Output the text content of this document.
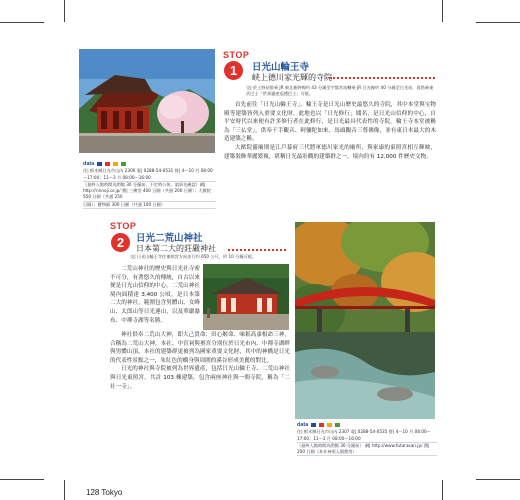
STOP
1	日光山輪王寺
峡上德川家光輝的寺院
交| 於上野站搭乘 JR 東北新幹線約 43 分鐘至宇都宮站轉乘 JR 日光線約 40 分鐘至日光站，再搭乘東武巴士「世界遺產巡禮巴士」可抵。

首先前往「日光山輪王寺」，輪王寺是日光山歷史最悠久的寺院，其中本堂與宝物殿等建築皆列入重要文化財。此地也以「日光修行」聞名，是日光山信仰的中心，自平安時代以來便有許多修行者在此修行，是日光最具代表性的寺院。輪王寺本堂被稱為「三仏堂」，供奉千手觀音、阿彌陀如來、馬頭觀音三尊佛像，並有東日本最大的木造建築之稱。

大猷院靈廟則是江戶幕府三代將軍德川家光的廟所，與家康的東照宮相互輝映，建築裝飾華麗繁複，堪稱日光最壯觀的建築群之一，境內約有 12,000 件歷史文物。

data
住| 栃木縣日光市山內 2300 電| 0288-54-0531 營| 4～10 月 08:00～17:00；11～3 月 08:00～16:00
（最終入館時間為閉館 30 分鐘前，不定時公休，請事先確認）網| http://rinnoji.or.jp/ 費| 三佛堂 400 日圓（共通 200 日圓）；大猷院 550 日圓（共通 250
日圓）；寶物殿 300 日圓（共通 100 日圓）
STOP
2	日光二荒山神社
日本第二大的莊嚴神社
交| 日光山輪王寺往東照宮方向步行約 650 公尺，約 10 分鐘可抵。

二荒山神社的歷史與日光社寺密不可分，有著悠久的傳統，自古以來便是日光山信仰的中心。二荒山神社境內面積達 3,400 公頃，是日本第二大的神社，範圍包含男體山、女峰山、太郎山等日光連山，以及華嚴瀑布、中禪寺湖等名勝。

神社供奉二荒山大神，即大己貴命、田心姬命、味耜高彥根命三神，合稱為二荒山大神。本社、中宮祠與奧宮分別位於日光市內、中禪寺湖畔與男體山頂，本社的建築群更被列為國家重要文化財，其中的神橋是日光的代表性景點之一，朱紅色的橋身與周圍的溪谷形成美麗的對比。

日光的神社與寺院被列為世界遺產，包括日光山輪王寺、二荒山神社與日光東照宮，共計 103 棟建築，包含兩座神社與一間寺院，稱為「二社一寺」。

data
住| 栃木縣日光市山內 2307 電| 0288-54-0535 營| 4～10 月 08:00～17:00；11～3 月 08:00～16:00
（最終入館時間為閉館 30 分鐘前） 網| http://www.futarasan.jp/ 費| 200 日圓（本社神苑入園費用）
128 Tokyo
